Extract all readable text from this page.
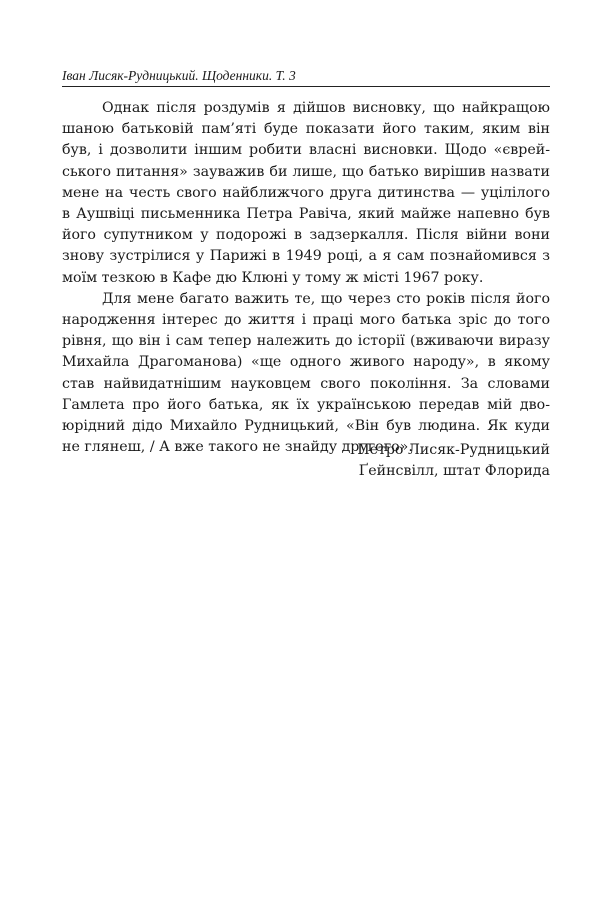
Іван Лисяк-Рудницький. Щоденники. Т. 3

Однак після роздумів я дійшов висновку, що найкращою шаною батьковій пам’яті буде показати його таким, яким він був, і дозволити іншим робити власні висновки. Щодо «єврейського питання» зауважив би лише, що батько вирішив назвати мене на честь свого найближчого друга дитинства — уцілілого в Аушвіці письменника Петра Равіча, який майже напевно був його супутником у подорожі в задзеркалля. Після війни вони знову зустрілися у Парижі в 1949 році, а я сам познайомився з моїм тезкою в Кафе дю Клюні у тому ж місті 1967 року.

Для мене багато важить те, що через сто років після його народження інтерес до життя і праці мого батька зріс до того рівня, що він і сам тепер належить до історії (вживаючи виразу Михайла Драгоманова) «ще одного живого народу», в якому став найвидатнішим науковцем свого покоління. За словами Гамлета про його батька, як їх українською передав мій двоюрідний дідо Михайло Рудницький, «Він був людина. Як куди не глянеш, / А вже такого не знайду другого».

Петро Лисяк-Рудницький
Ґейнсвілл, штат Флорида
